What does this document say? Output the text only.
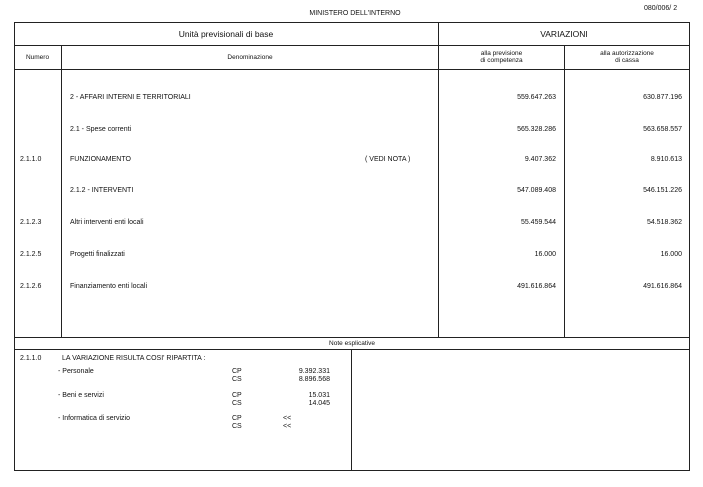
MINISTERO DELL'INTERNO
080/006/ 2
Unità previsionali di base	VARIAZIONI
Numero	Denominazione
alla previsione
di competenza
alla autorizzazione
di cassa
2 - AFFARI INTERNI E TERRITORIALI	559.647.263	630.877.196
2.1 - Spese correnti	565.328.286	563.658.557
2.1.1.0	FUNZIONAMENTO	( VEDI NOTA )	9.407.362	8.910.613
2.1.2 - INTERVENTI	547.089.408	546.151.226
2.1.2.3	Altri interventi enti locali	55.459.544	54.518.362
2.1.2.5	Progetti finalizzati	16.000	16.000
2.1.2.6	Finanziamento enti locali	491.616.864	491.616.864
Note esplicative
2.1.1.0	LA VARIAZIONE RISULTA COSI' RIPARTITA :
- Personale	CP	9.392.331
CS	8.896.568
- Beni e servizi	CP	15.031
CS	14.045
- Informatica di servizio	CP	<<
CS	<<
